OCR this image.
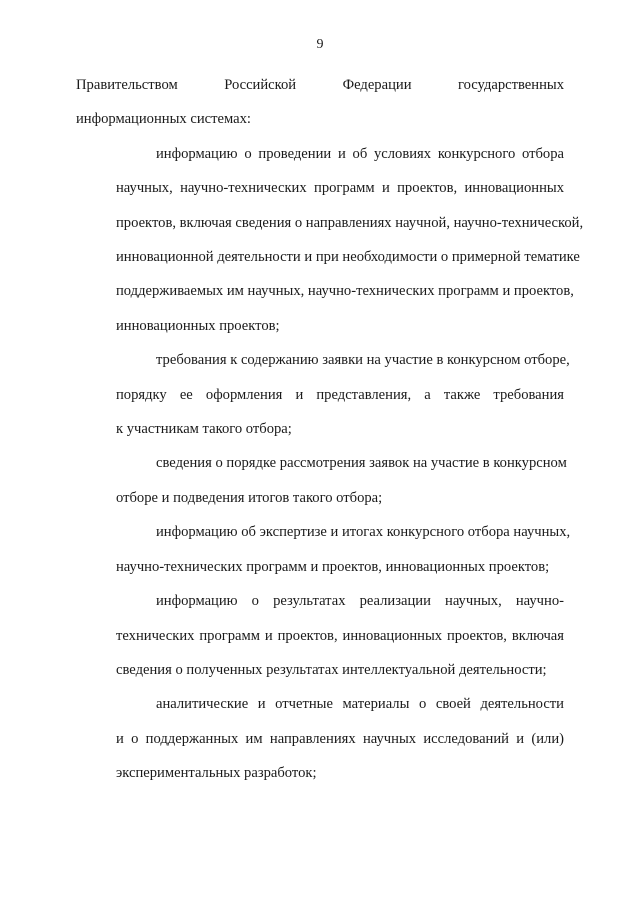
9

Правительством Российской Федерации государственных
информационных системах:

информацию о проведении и об условиях конкурсного отбора
научных, научно-технических программ и проектов, инновационных
проектов, включая сведения о направлениях научной, научно-технической,
инновационной деятельности и при необходимости о примерной тематике
поддерживаемых им научных, научно-технических программ и проектов,
инновационных проектов;

требования к содержанию заявки на участие в конкурсном отборе,
порядку ее оформления и представления, а также требования
к участникам такого отбора;

сведения о порядке рассмотрения заявок на участие в конкурсном
отборе и подведения итогов такого отбора;

информацию об экспертизе и итогах конкурсного отбора научных,
научно-технических программ и проектов, инновационных проектов;

информацию о результатах реализации научных, научно-
технических программ и проектов, инновационных проектов, включая
сведения о полученных результатах интеллектуальной деятельности;

аналитические и отчетные материалы о своей деятельности
и о поддержанных им направлениях научных исследований и (или)
экспериментальных разработок;
